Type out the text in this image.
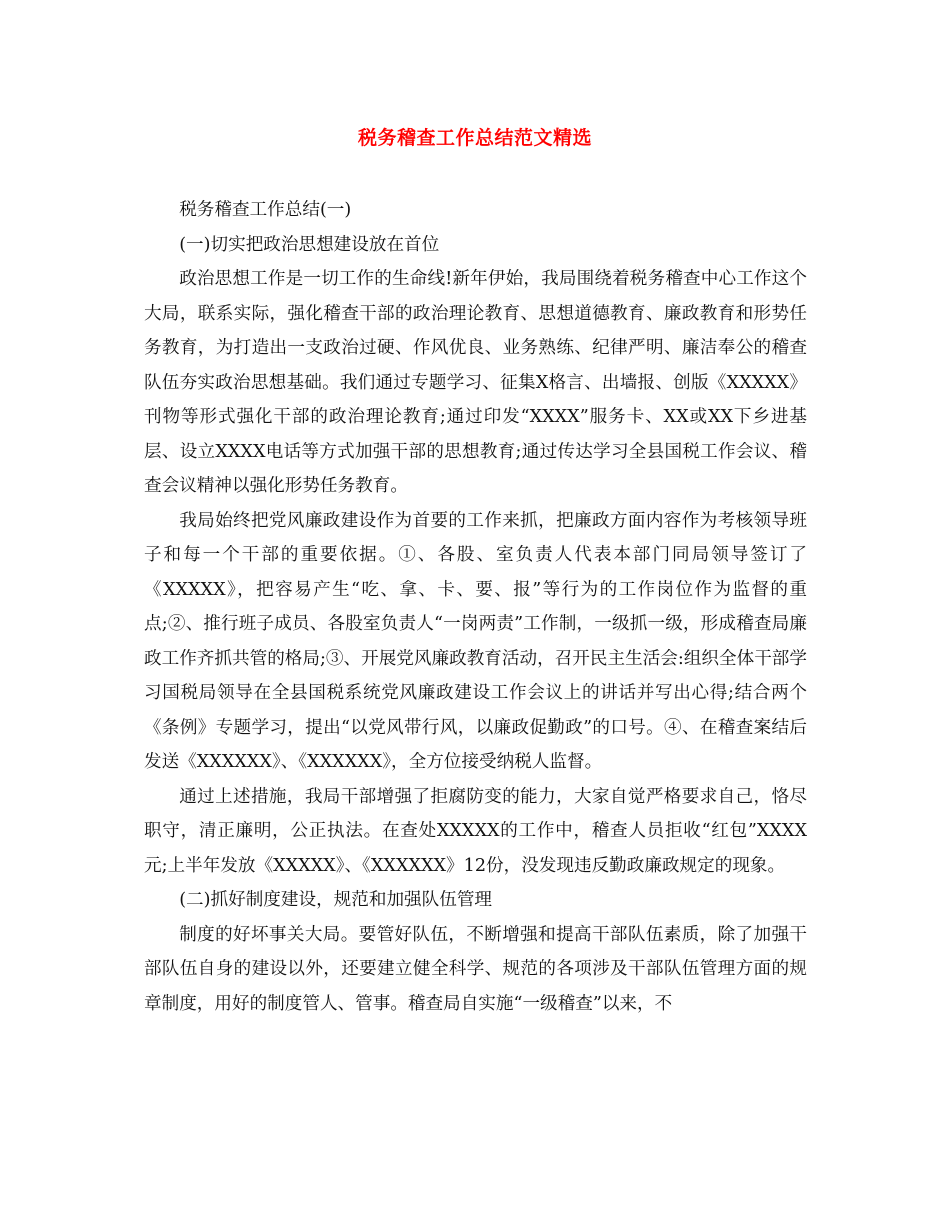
税务稽查工作总结范文精选

税务稽查工作总结(一)

(一)切实把政治思想建设放在首位

政治思想工作是一切工作的生命线!新年伊始，我局围绕着税务稽查中心工作这个大局，联系实际，强化稽查干部的政治理论教育、思想道德教育、廉政教育和形势任务教育，为打造出一支政治过硬、作风优良、业务熟练、纪律严明、廉洁奉公的稽查队伍夯实政治思想基础。我们通过专题学习、征集X格言、出墙报、创版《XXXXX》刊物等形式强化干部的政治理论教育;通过印发“XXXX”服务卡、XX或XX下乡进基层、设立XXXX电话等方式加强干部的思想教育;通过传达学习全县国税工作会议、稽查会议精神以强化形势任务教育。

我局始终把党风廉政建设作为首要的工作来抓，把廉政方面内容作为考核领导班子和每一个干部的重要依据。①、各股、室负责人代表本部门同局领导签订了《XXXXX》，把容易产生“吃、拿、卡、要、报”等行为的工作岗位作为监督的重点;②、推行班子成员、各股室负责人“一岗两责”工作制，一级抓一级，形成稽查局廉政工作齐抓共管的格局;③、开展党风廉政教育活动，召开民主生活会:组织全体干部学习国税局领导在全县国税系统党风廉政建设工作会议上的讲话并写出心得;结合两个《条例》专题学习，提出“以党风带行风，以廉政促勤政”的口号。④、在稽查案结后发送《XXXXXX》、《XXXXXX》，全方位接受纳税人监督。

通过上述措施，我局干部增强了拒腐防变的能力，大家自觉严格要求自己，恪尽职守，清正廉明，公正执法。在查处XXXXX的工作中，稽查人员拒收“红包”XXXX元;上半年发放《XXXXX》、《XXXXXX》12份，没发现违反勤政廉政规定的现象。

(二)抓好制度建设，规范和加强队伍管理

制度的好坏事关大局。要管好队伍，不断增强和提高干部队伍素质，除了加强干部队伍自身的建设以外，还要建立健全科学、规范的各项涉及干部队伍管理方面的规章制度，用好的制度管人、管事。稽查局自实施“一级稽查”以来，不
